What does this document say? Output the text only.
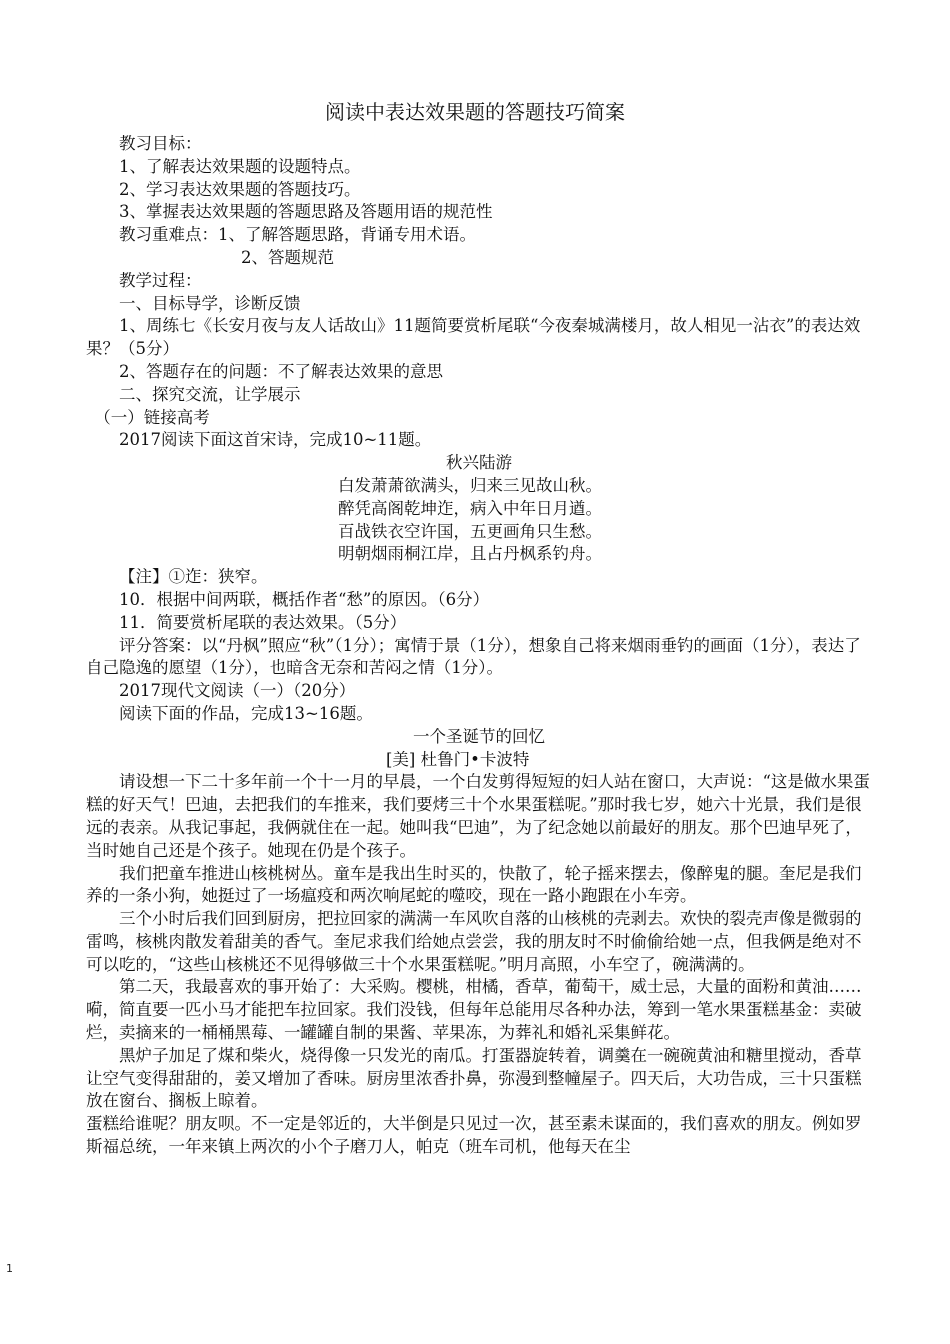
阅读中表达效果题的答题技巧简案

教习目标：

1、了解表达效果题的设题特点。

2、学习表达效果题的答题技巧。

3、掌握表达效果题的答题思路及答题用语的规范性

教习重难点：1、了解答题思路，背诵专用术语。

2、答题规范

教学过程：

一、目标导学，诊断反馈

1、周练七《长安月夜与友人话故山》11题简要赏析尾联“今夜秦城满楼月，故人相见一沾衣”的表达效果？（5分）

2、答题存在的问题：不了解表达效果的意思

二、探究交流，让学展示

（一）链接高考

2017阅读下面这首宋诗，完成10~11题。

秋兴陆游

白发萧萧欲满头，归来三见故山秋。

醉凭高阁乾坤迮，病入中年日月遒。

百战铁衣空许国，五更画角只生愁。

明朝烟雨桐江岸，且占丹枫系钓舟。

【注】①迮：狭窄。

10．根据中间两联，概括作者“愁”的原因。（6分）

11．简要赏析尾联的表达效果。（5分）

评分答案：以“丹枫”照应“秋”（1分）；寓情于景（1分），想象自己将来烟雨垂钓的画面（1分），表达了自己隐逸的愿望（1分），也暗含无奈和苦闷之情（1分）。

2017现代文阅读（一）（20分）

阅读下面的作品，完成13~16题。

一个圣诞节的回忆

[美] 杜鲁门•卡波特

请设想一下二十多年前一个十一月的早晨，一个白发剪得短短的妇人站在窗口，大声说：“这是做水果蛋糕的好天气！巴迪，去把我们的车推来，我们要烤三十个水果蛋糕呢。”那时我七岁，她六十光景，我们是很远的表亲。从我记事起，我俩就住在一起。她叫我“巴迪”，为了纪念她以前最好的朋友。那个巴迪早死了，当时她自己还是个孩子。她现在仍是个孩子。

我们把童车推进山核桃树丛。童车是我出生时买的，快散了，轮子摇来摆去，像醉鬼的腿。奎尼是我们养的一条小狗，她挺过了一场瘟疫和两次响尾蛇的噬咬，现在一路小跑跟在小车旁。

三个小时后我们回到厨房，把拉回家的满满一车风吹自落的山核桃的壳剥去。欢快的裂壳声像是微弱的雷鸣，核桃肉散发着甜美的香气。奎尼求我们给她点尝尝，我的朋友时不时偷偷给她一点，但我俩是绝对不可以吃的，“这些山核桃还不见得够做三十个水果蛋糕呢。”明月高照，小车空了，碗满满的。

第二天，我最喜欢的事开始了：大采购。樱桃，柑橘，香草，葡萄干，威士忌，大量的面粉和黄油……嗬，简直要一匹小马才能把车拉回家。我们没钱，但每年总能用尽各种办法，筹到一笔水果蛋糕基金：卖破烂，卖摘来的一桶桶黑莓、一罐罐自制的果酱、苹果冻，为葬礼和婚礼采集鲜花。

黑炉子加足了煤和柴火，烧得像一只发光的南瓜。打蛋器旋转着，调羹在一碗碗黄油和糖里搅动，香草让空气变得甜甜的，姜又增加了香味。厨房里浓香扑鼻，弥漫到整幢屋子。四天后，大功告成，三十只蛋糕放在窗台、搁板上晾着。

蛋糕给谁呢？朋友呗。不一定是邻近的，大半倒是只见过一次，甚至素未谋面的，我们喜欢的朋友。例如罗斯福总统，一年来镇上两次的小个子磨刀人，帕克（班车司机，他每天在尘

1
